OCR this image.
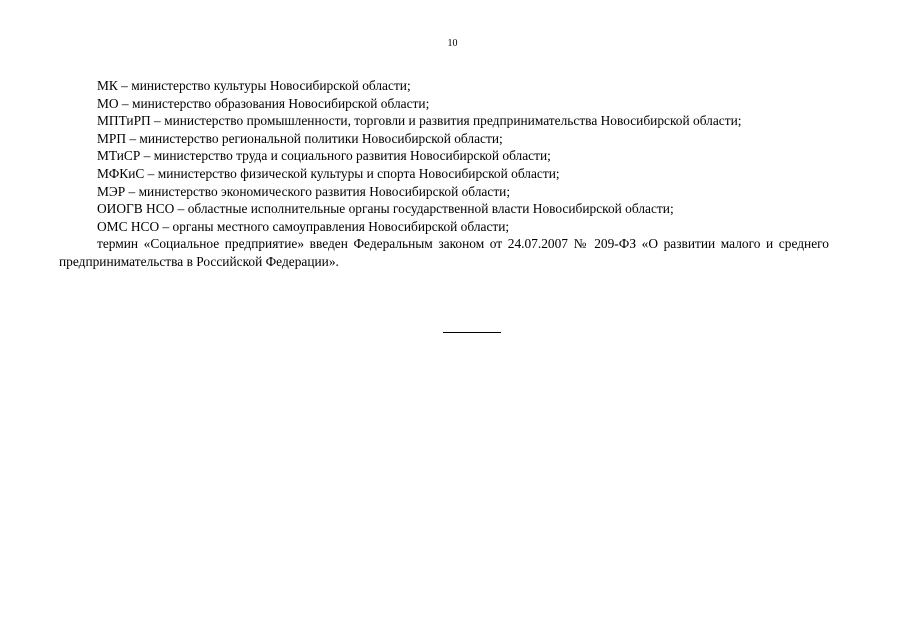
10

МК – министерство культуры Новосибирской области;

МО – министерство образования Новосибирской области;

МПТиРП – министерство промышленности, торговли и развития предпринимательства Новосибирской области;

МРП – министерство региональной политики Новосибирской области;

МТиСР – министерство труда и социального развития Новосибирской области;

МФКиС – министерство физической культуры и спорта Новосибирской области;

МЭР – министерство экономического развития Новосибирской области;

ОИОГВ НСО – областные исполнительные органы государственной власти Новосибирской области;

ОМС НСО – органы местного самоуправления Новосибирской области;

термин «Социальное предприятие» введен Федеральным законом от 24.07.2007 № 209-ФЗ «О развитии малого и среднего предпринимательства в Российской Федерации».
